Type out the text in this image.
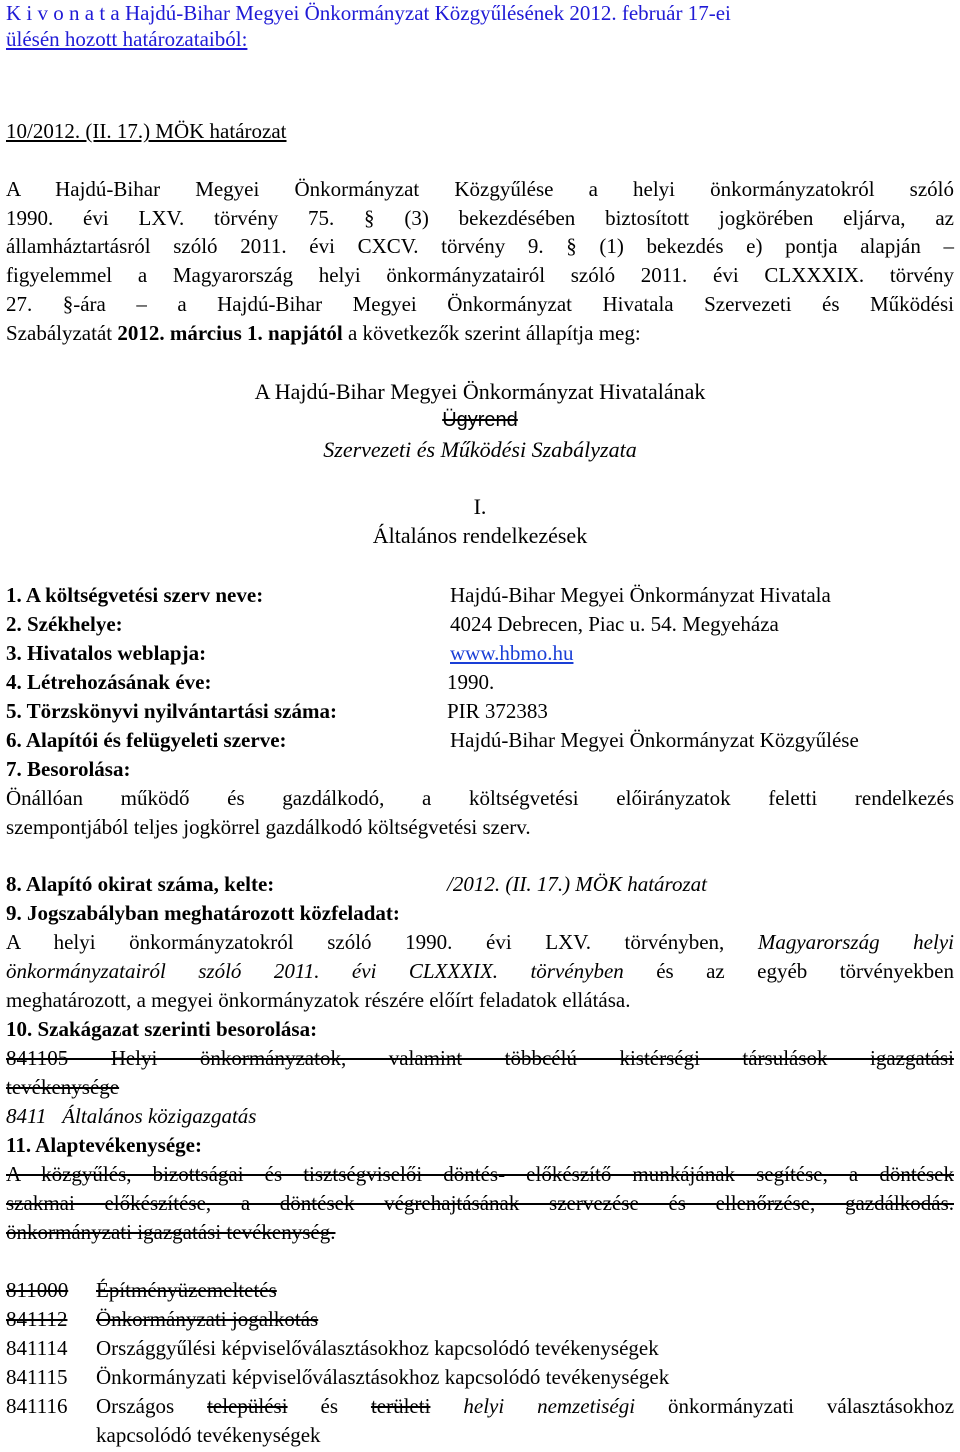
K i v o n a t a Hajdú-Bihar Megyei Önkormányzat Közgyűlésének 2012. február 17-ei
ülésén hozott határozataiból:
10/2012. (II. 17.) MÖK határozat
A Hajdú-Bihar Megyei Önkormányzat Közgyűlése a helyi önkormányzatokról szóló
1990. évi LXV. törvény 75. § (3) bekezdésében biztosított jogkörében eljárva, az
államháztartásról szóló 2011. évi CXCV. törvény 9. § (1) bekezdés e) pontja alapján –
figyelemmel a Magyarország helyi önkormányzatairól szóló 2011. évi CLXXXIX. törvény
27. §-ára – a Hajdú-Bihar Megyei Önkormányzat Hivatala Szervezeti és Működési
Szabályzatát 2012. március 1. napjától a következők szerint állapítja meg:
A Hajdú-Bihar Megyei Önkormányzat Hivatalának
Ügyrend
Szervezeti és Működési Szabályzata
I.
Általános rendelkezések
1. A költségvetési szerv neve:	Hajdú-Bihar Megyei Önkormányzat Hivatala
2. Székhelye:	4024 Debrecen, Piac u. 54. Megyeháza
3. Hivatalos weblapja:	www.hbmo.hu
4. Létrehozásának éve:	1990.
5. Törzskönyvi nyilvántartási száma:	PIR 372383
6. Alapítói és felügyeleti szerve:	Hajdú-Bihar Megyei Önkormányzat Közgyűlése
7. Besorolása:
Önállóan működő és gazdálkodó, a költségvetési előirányzatok feletti rendelkezés
szempontjából teljes jogkörrel gazdálkodó költségvetési szerv.
8. Alapító okirat száma, kelte:	/2012. (II. 17.) MÖK határozat
9. Jogszabályban meghatározott közfeladat:
A helyi önkormányzatokról szóló 1990. évi LXV. törvényben, Magyarország helyi
önkormányzatairól szóló 2011. évi CLXXXIX. törvényben és az egyéb törvényekben
meghatározott, a megyei önkormányzatok részére előírt feladatok ellátása.
10. Szakágazat szerinti besorolása:
841105 Helyi önkormányzatok, valamint többcélú kistérségi társulások igazgatási
tevékenysége
8411   Általános közigazgatás
11. Alaptevékenysége:
A közgyűlés, bizottságai és tisztségviselői döntés- előkészítő munkájának segítése, a döntések
szakmai előkészítése, a döntések végrehajtásának szervezése és ellenőrzése, gazdálkodás.
önkormányzati igazgatási tevékenység.
811000 Építményüzemeltetés
841112 Önkormányzati jogalkotás
841114 Országgyűlési képviselőválasztásokhoz kapcsolódó tevékenységek
841115 Önkormányzati képviselőválasztásokhoz kapcsolódó tevékenységek
841116 Országos települési és területi helyi nemzetiségi önkormányzati választásokhoz
kapcsolódó tevékenységek
